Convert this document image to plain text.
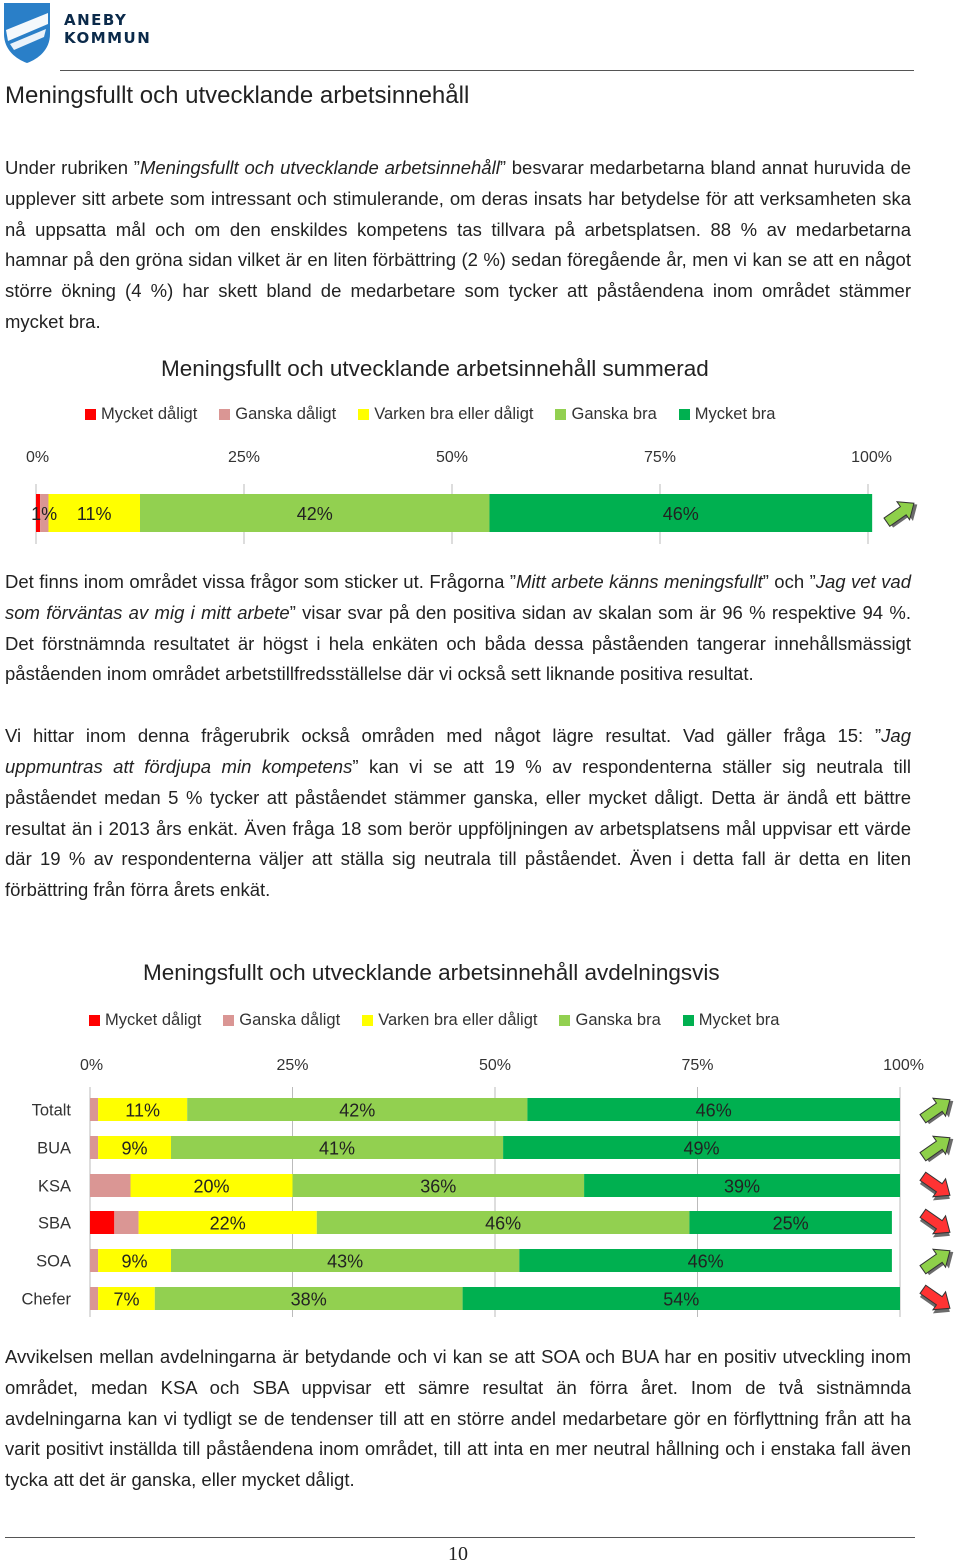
ANEBY
KOMMUN
Meningsfullt och utvecklande arbetsinnehåll

Under rubriken ”Meningsfullt och utvecklande arbetsinnehåll” besvarar medarbetarna bland annat huruvida de upplever sitt arbete som intressant och stimulerande, om deras insats har betydelse för att verksamheten ska nå uppsatta mål och om den enskildes kompetens tas tillvara på arbetsplatsen. 88 % av medarbetarna hamnar på den gröna sidan vilket är en liten förbättring (2 %) sedan föregående år, men vi kan se att en något större ökning (4 %) har skett bland de medarbetare som tycker att påståendena inom området stämmer mycket bra.

Meningsfullt och utvecklande arbetsinnehåll summerad
Mycket dåligt Ganska dåligt Varken bra eller dåligt Ganska bra Mycket bra
0%	25%	50%	75%	100%
1% 11%	42%	46%

Det finns inom området vissa frågor som sticker ut. Frågorna ”Mitt arbete känns meningsfullt” och ”Jag vet vad som förväntas av mig i mitt arbete” visar svar på den positiva sidan av skalan som är 96 % respektive 94 %. Det förstnämnda resultatet är högst i hela enkäten och båda dessa påståenden tangerar innehållsmässigt påståenden inom området arbetstillfredsställelse där vi också sett liknande positiva resultat.

Vi hittar inom denna frågerubrik också områden med något lägre resultat. Vad gäller fråga 15: ”Jag uppmuntras att fördjupa min kompetens” kan vi se att 19 % av respondenterna ställer sig neutrala till påståendet medan 5 % tycker att påståendet stämmer ganska, eller mycket dåligt. Detta är ändå ett bättre resultat än i 2013 års enkät. Även fråga 18 som berör uppföljningen av arbetsplatsens mål uppvisar ett värde där 19 % av respondenterna väljer att ställa sig neutrala till påståendet. Även i detta fall är detta en liten förbättring från förra årets enkät.

Meningsfullt och utvecklande arbetsinnehåll avdelningsvis
Mycket dåligt Ganska dåligt Varken bra eller dåligt Ganska bra Mycket bra
0%	25%	50%	75%	100%
Totalt	11%	42%	46%
BUA	9%	41%	49%
KSA	20%	36%	39%
SBA	22%	46%	25%
SOA	9%	43%	46%
Chefer 7%	38%	54%

Avvikelsen mellan avdelningarna är betydande och vi kan se att SOA och BUA har en positiv utveckling inom området, medan KSA och SBA uppvisar ett sämre resultat än förra året. Inom de två sistnämnda avdelningarna kan vi tydligt se de tendenser till att en större andel medarbetare gör en förflyttning från att ha varit positivt inställda till påståendena inom området, till att inta en mer neutral hållning och i enstaka fall även tycka att det är ganska, eller mycket dåligt.

10
